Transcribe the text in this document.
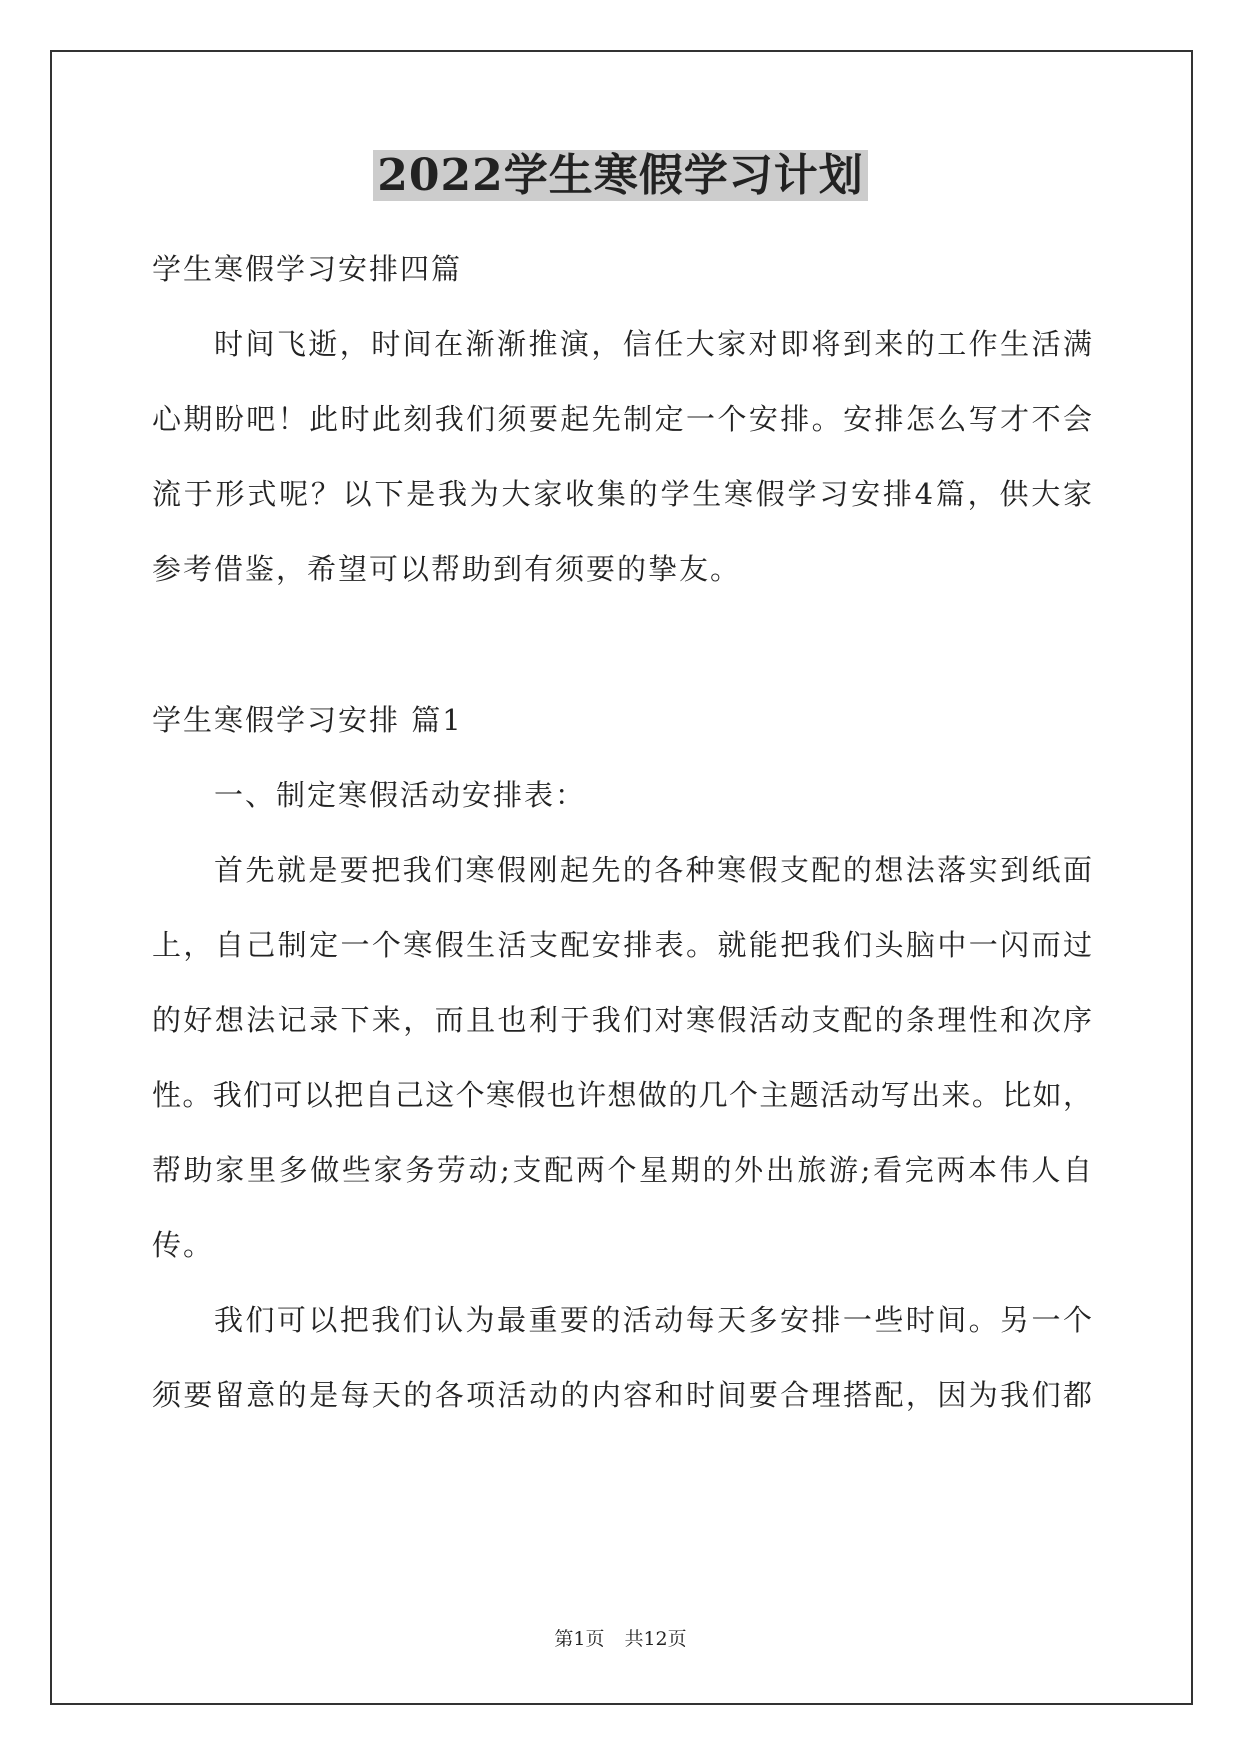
2022学生寒假学习计划
学生寒假学习安排四篇
时间飞逝，时间在渐渐推演，信任大家对即将到来的工作生活满
心期盼吧！此时此刻我们须要起先制定一个安排。安排怎么写才不会
流于形式呢？以下是我为大家收集的学生寒假学习安排4篇，供大家
参考借鉴，希望可以帮助到有须要的挚友。
学生寒假学习安排 篇1
一、制定寒假活动安排表：
首先就是要把我们寒假刚起先的各种寒假支配的想法落实到纸面
上，自己制定一个寒假生活支配安排表。就能把我们头脑中一闪而过
的好想法记录下来，而且也利于我们对寒假活动支配的条理性和次序
性。我们可以把自己这个寒假也许想做的几个主题活动写出来。比如，
帮助家里多做些家务劳动;支配两个星期的外出旅游;看完两本伟人自
传。
我们可以把我们认为最重要的活动每天多安排一些时间。另一个
须要留意的是每天的各项活动的内容和时间要合理搭配，因为我们都
第1页 共12页
